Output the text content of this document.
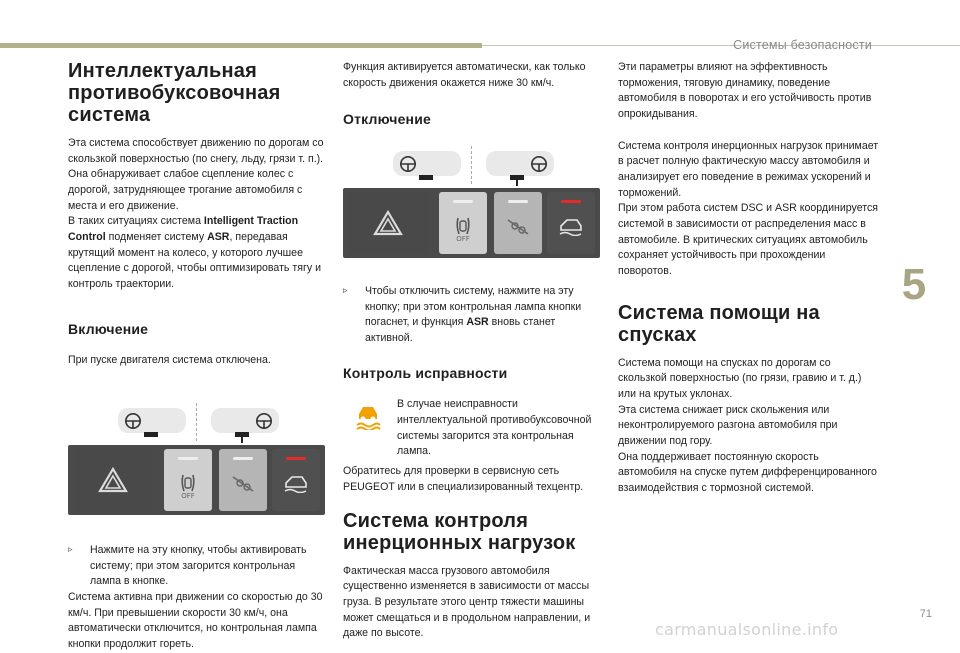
Системы безопасности
5
71
carmanualsonline.info
Интеллектуальная противобуксовочная система

Эта система способствует движению по дорогам со скользкой поверхностью (по снегу, льду, грязи т. п.). Она обнаруживает слабое сцепление колес с дорогой, затрудняющее трогание автомобиля с места и его движение.

В таких ситуациях система Intelligent Traction Control подменяет систему ASR, передавая крутящий момент на колесо, у которого лучшее сцепление с дорогой, чтобы оптимизировать тягу и контроль траектории.

Включение

При пуске двигателя система отключена.

OFF

▹ Нажмите на эту кнопку, чтобы активировать систему; при этом загорится контрольная лампа в кнопке.

Система активна при движении со скоростью до 30 км/ч. При превышении скорости 30 км/ч, она автоматически отключится, но контрольная лампа кнопки продолжит гореть.

Функция активируется автоматически, как только скорость движения окажется ниже 30 км/ч.

Отключение
OFF

▹ Чтобы отключить систему, нажмите на эту кнопку; при этом контрольная лампа кнопки погаснет, и функция ASR вновь станет активной.

Контроль исправности

В случае неисправности интеллектуальной противобуксовочной системы загорится эта контрольная лампа.

Обратитесь для проверки в сервисную сеть PEUGEOT или в специализированный техцентр.

Система контроля инерционных нагрузок

Фактическая масса грузового автомобиля существенно изменяется в зависимости от массы груза. В результате этого центр тяжести машины может смещаться и в продольном направлении, и даже по высоте.

Эти параметры влияют на эффективность торможения, тяговую динамику, поведение автомобиля в поворотах и его устойчивость против опрокидывания.

Система контроля инерционных нагрузок принимает в расчет полную фактическую массу автомобиля и анализирует его поведение в режимах ускорений и торможений.

При этом работа систем DSC и ASR координируется системой в зависимости от распределения масс в автомобиле. В критических ситуациях автомобиль сохраняет устойчивость при прохождении поворотов.

Система помощи на спусках

Система помощи на спусках по дорогам со скользкой поверхностью (по грязи, гравию и т. д.) или на крутых уклонах.

Эта система снижает риск скольжения или неконтролируемого разгона автомобиля при движении под гору.

Она поддерживает постоянную скорость автомобиля на спуске путем дифференцированного взаимодействия с тормозной системой.
